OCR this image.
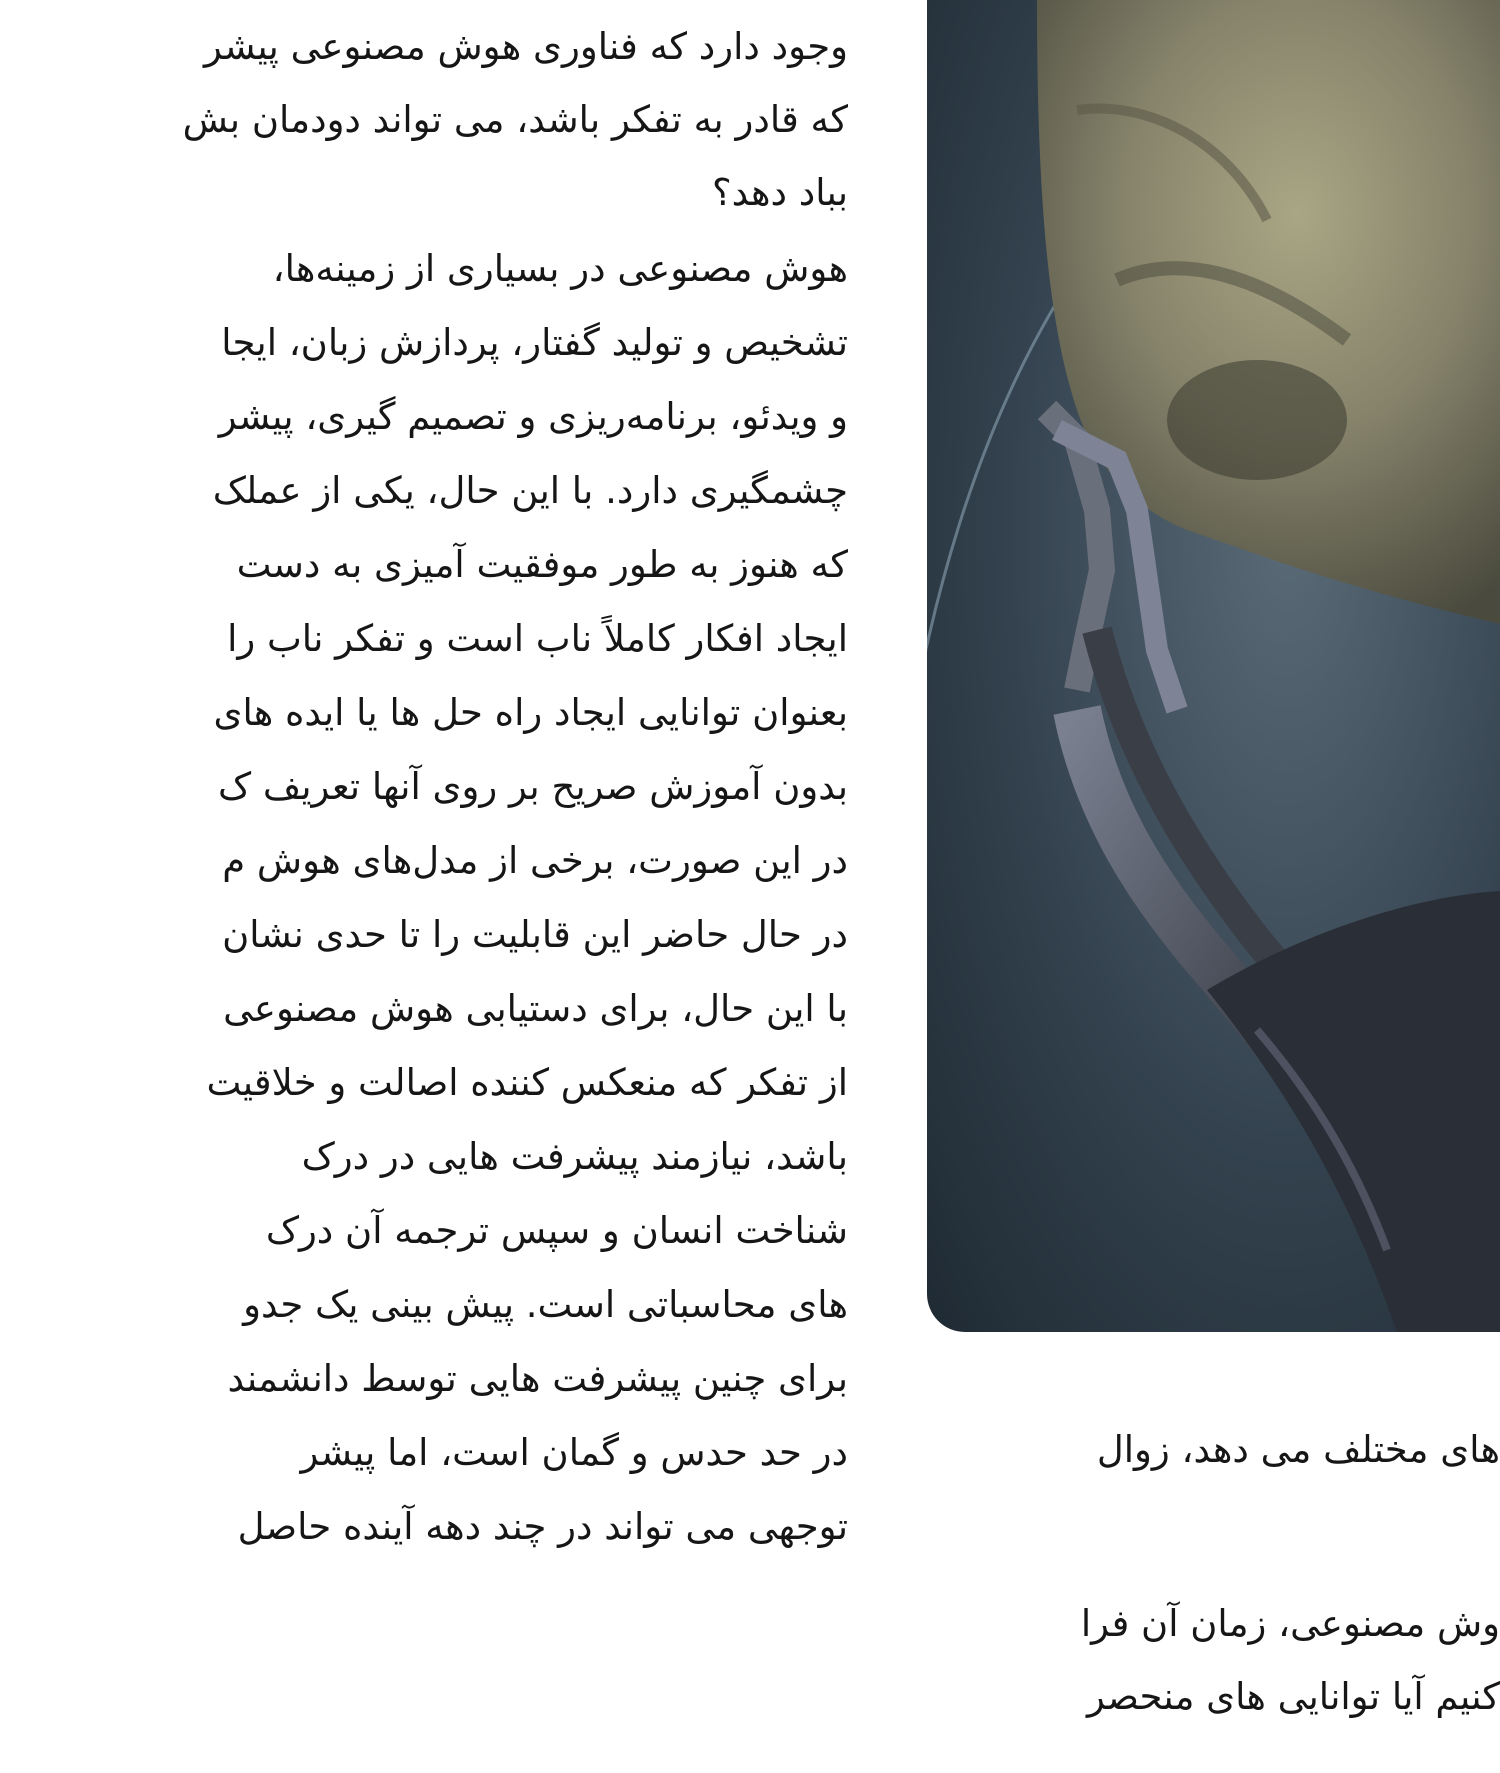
وجود دارد که فناوری هوش مصنوعی پیشر
که قادر به تفکر باشد، می تواند دودمان بش
بباد دهد؟
هوش مصنوعی در بسیاری از زمینه‌ها،
تشخیص و تولید گفتار، پردازش زبان، ایجا
و ویدئو، برنامه‌ریزی و تصمیم گیری، پیشر
چشمگیری دارد. با این حال، یکی از عملک
که هنوز به طور موفقیت آمیزی به دست
ایجاد افکار کاملاً ناب است و تفکر ناب را
بعنوان توانایی ایجاد راه حل ها یا ایده های
بدون آموزش صریح بر روی آنها تعریف ک
در این صورت، برخی از مدل‌های هوش م
در حال حاضر این قابلیت را تا حدی نشان
با این حال، برای دستیابی هوش مصنوعی
از تفکر که منعکس کننده اصالت و خلاقیت
باشد، نیازمند پیشرفت هایی در درک
شناخت انسان و سپس ترجمه آن درک
های محاسباتی است. پیش بینی یک جدو
برای چنین پیشرفت هایی توسط دانشمند
در حد حدس و گمان است، اما پیشر
توجهی می تواند در چند دهه آینده حاصل
های مختلف می دهد، زوال
وش مصنوعی، زمان آن فرا
کنیم آیا توانایی های منحصر
